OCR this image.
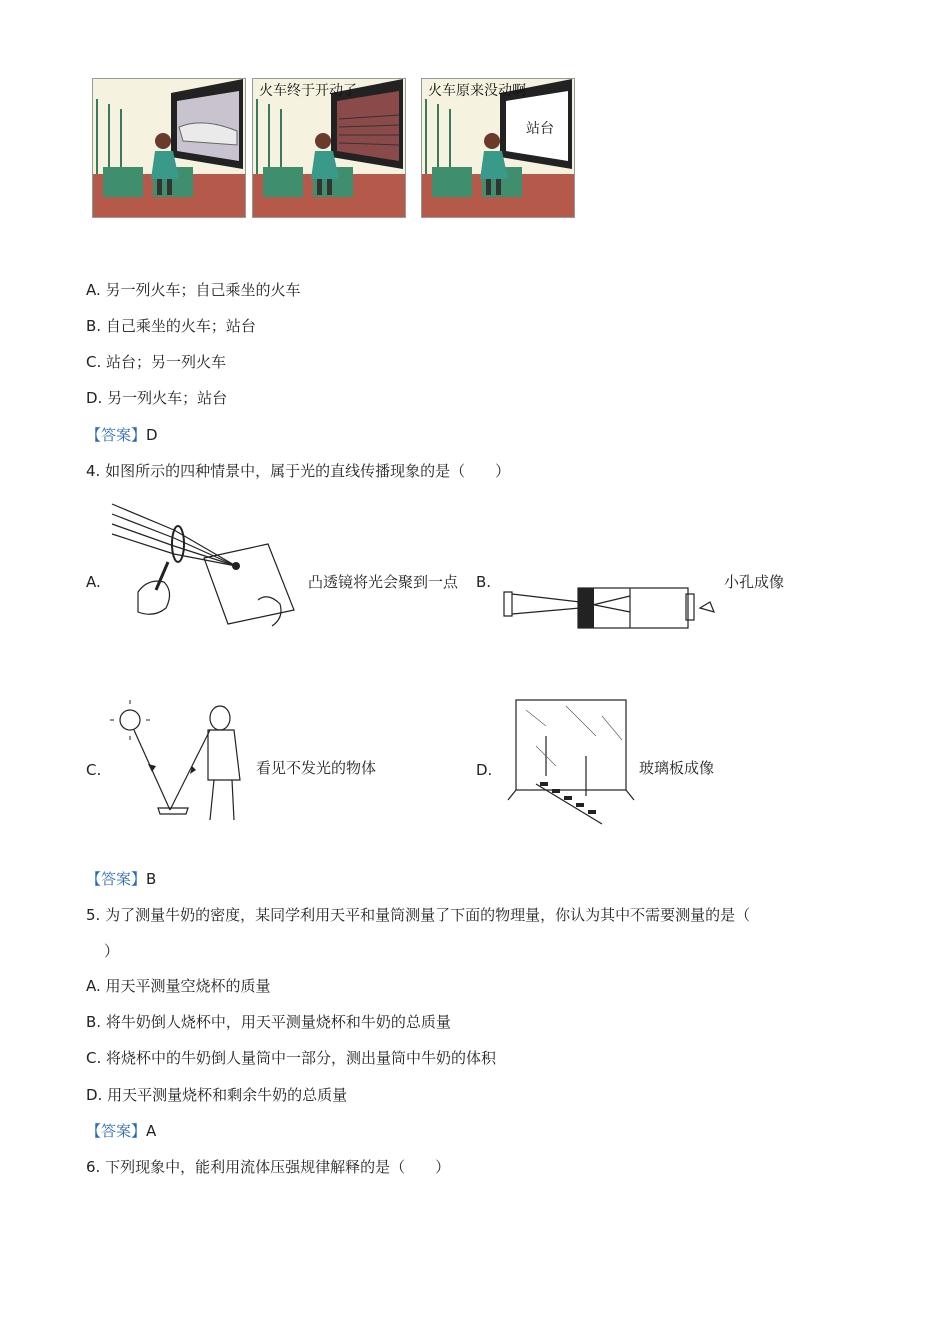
火车终于开动了	火车原来没动啊
站台
A. 另一列火车；自己乘坐的火车
B. 自己乘坐的火车；站台
C. 站台；另一列火车
D. 另一列火车；站台
【答案】D
4. 如图所示的四种情景中，属于光的直线传播现象的是（　　）
A.	凸透镜将光会聚到一点 B.	小孔成像
C.	看见不发光的物体	D.	玻璃板成像
【答案】B
5. 为了测量牛奶的密度，某同学利用天平和量筒测量了下面的物理量，你认为其中不需要测量的是（
）
A. 用天平测量空烧杯的质量
B. 将牛奶倒人烧杯中，用天平测量烧杯和牛奶的总质量
C. 将烧杯中的牛奶倒人量筒中一部分，测出量筒中牛奶的体积
D. 用天平测量烧杯和剩余牛奶的总质量
【答案】A
6. 下列现象中，能利用流体压强规律解释的是（　　）
